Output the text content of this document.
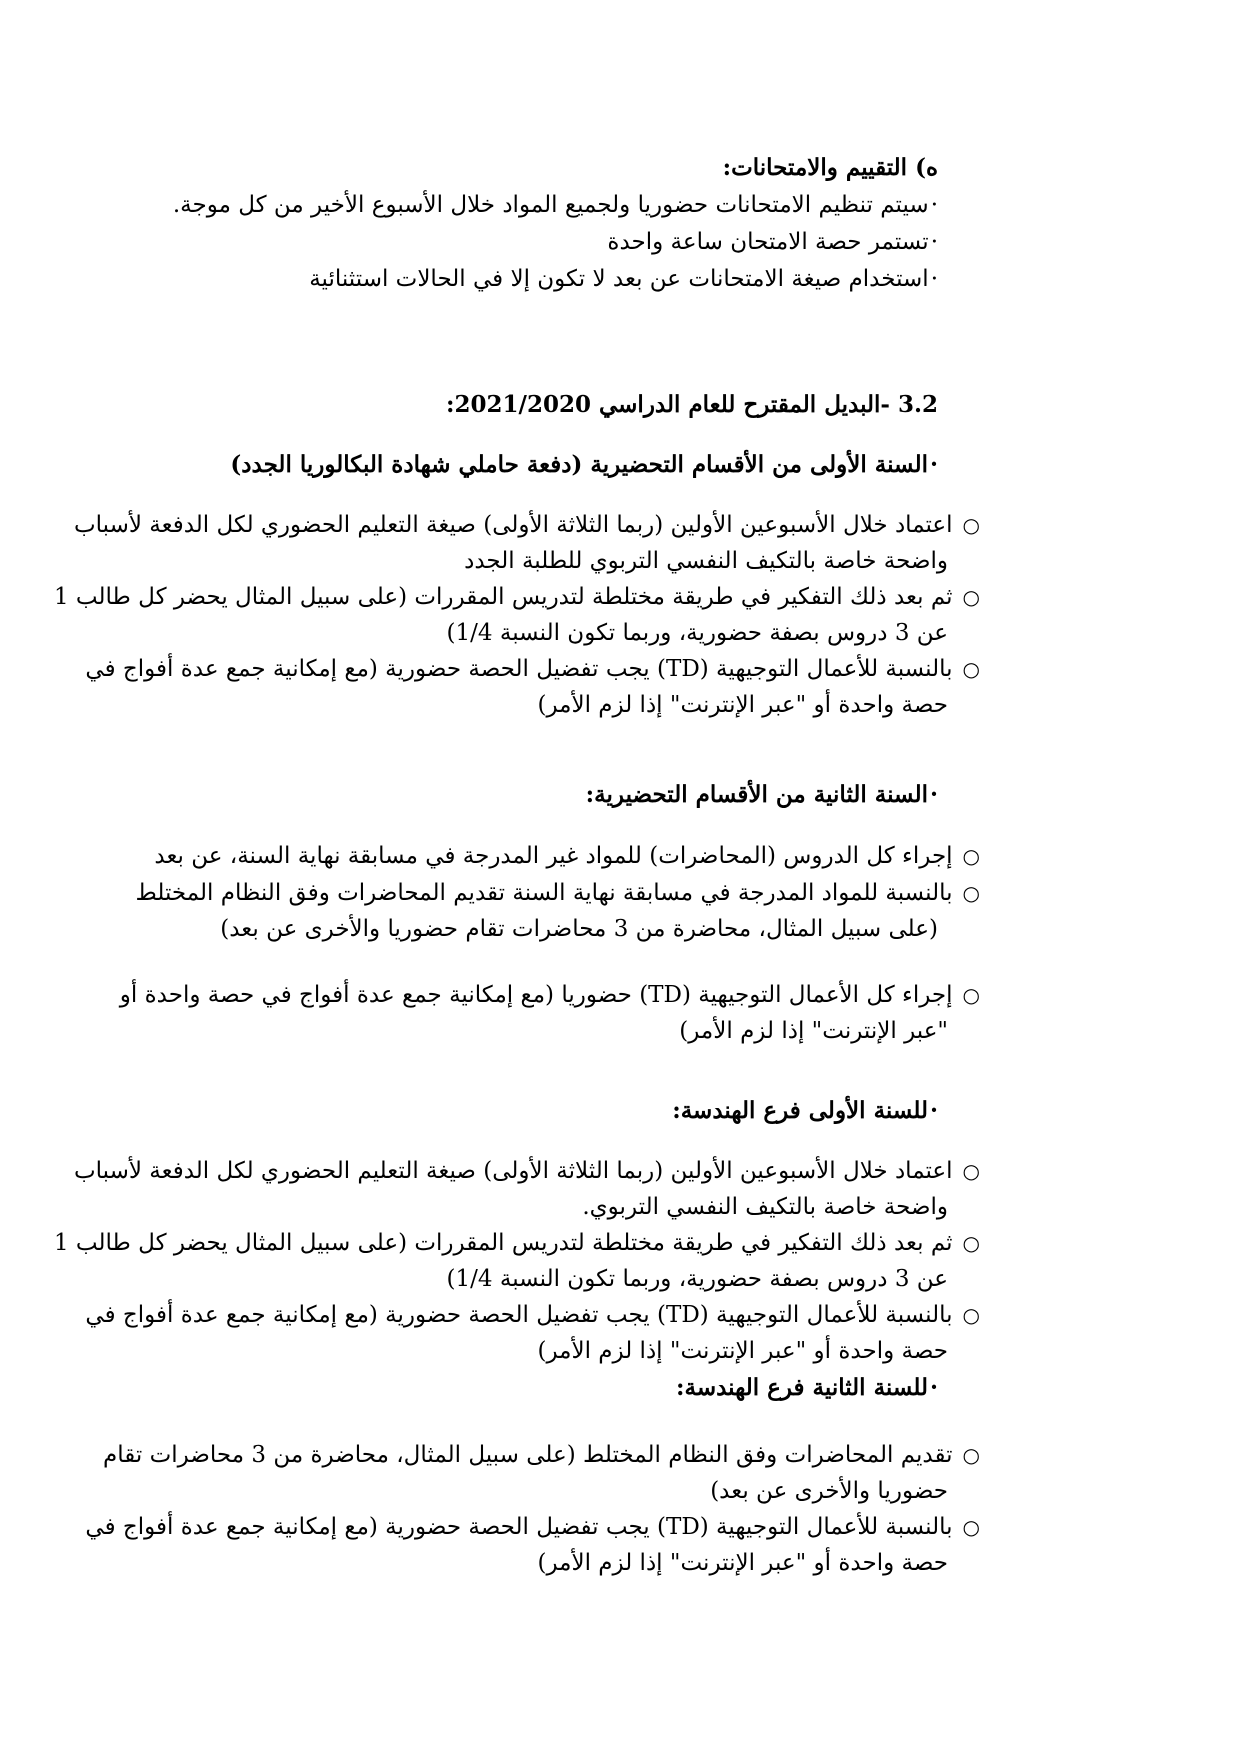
ه) التقييم والامتحانات:
·سيتم تنظيم الامتحانات حضوريا ولجميع المواد خلال الأسبوع الأخير من كل موجة.
·تستمر حصة الامتحان ساعة واحدة
·استخدام صيغة الامتحانات عن بعد لا تكون إلا في الحالات استثنائية
3.2 -البديل المقترح للعام الدراسي 2021/2020:
·السنة الأولى من الأقسام التحضيرية (دفعة حاملي شهادة البكالوريا الجدد)
○اعتماد خلال الأسبوعين الأولين (ربما الثلاثة الأولى) صيغة التعليم الحضوري لكل الدفعة لأسباب
واضحة خاصة بالتكيف النفسي التربوي للطلبة الجدد
○ثم بعد ذلك التفكير في طريقة مختلطة لتدريس المقررات (على سبيل المثال يحضر كل طالب 1
عن 3 دروس بصفة حضورية، وربما تكون النسبة 1/4)
○بالنسبة للأعمال التوجيهية (TD) يجب تفضيل الحصة حضورية (مع إمكانية جمع عدة أفواج في
حصة واحدة أو "عبر الإنترنت" إذا لزم الأمر)
·السنة الثانية من الأقسام التحضيرية:
○إجراء كل الدروس (المحاضرات) للمواد غير المدرجة في مسابقة نهاية السنة، عن بعد
○بالنسبة للمواد المدرجة في مسابقة نهاية السنة تقديم المحاضرات وفق النظام المختلط
(على سبيل المثال، محاضرة من 3 محاضرات تقام حضوريا والأخرى عن بعد)
○إجراء كل الأعمال التوجيهية (TD) حضوريا (مع إمكانية جمع عدة أفواج في حصة واحدة أو
"عبر الإنترنت" إذا لزم الأمر)
·للسنة الأولى فرع الهندسة:
○اعتماد خلال الأسبوعين الأولين (ربما الثلاثة الأولى) صيغة التعليم الحضوري لكل الدفعة لأسباب
واضحة خاصة بالتكيف النفسي التربوي.
○ثم بعد ذلك التفكير في طريقة مختلطة لتدريس المقررات (على سبيل المثال يحضر كل طالب 1
عن 3 دروس بصفة حضورية، وربما تكون النسبة 1/4)
○بالنسبة للأعمال التوجيهية (TD) يجب تفضيل الحصة حضورية (مع إمكانية جمع عدة أفواج في
حصة واحدة أو "عبر الإنترنت" إذا لزم الأمر)
·للسنة الثانية فرع الهندسة:
○تقديم المحاضرات وفق النظام المختلط (على سبيل المثال، محاضرة من 3 محاضرات تقام
حضوريا والأخرى عن بعد)
○بالنسبة للأعمال التوجيهية (TD) يجب تفضيل الحصة حضورية (مع إمكانية جمع عدة أفواج في
حصة واحدة أو "عبر الإنترنت" إذا لزم الأمر)
